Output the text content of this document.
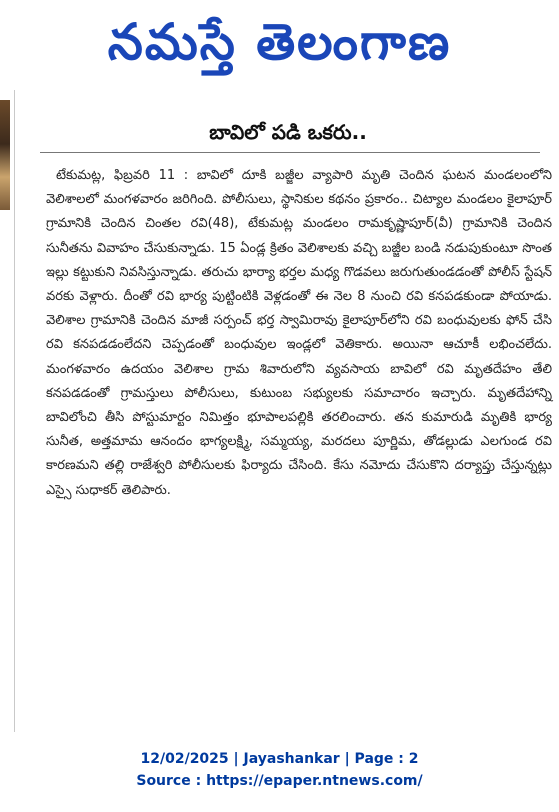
నమస్తే తెలంగాణ
బావిలో పడి ఒకరు..
టేకుమట్ల, ఫిబ్రవరి 11 : బావిలో దూకి బజ్జీల వ్యాపారి మృతి చెందిన ఘటన మండలంలోని వెలిశాలలో మంగళవారం జరిగింది. పోలీసులు, స్థానికుల కథనం ప్రకారం.. చిట్యాల మండలం కైలాపూర్ గ్రామానికి చెందిన చింతల రవి(48), టేకుమట్ల మండలం రామకృష్ణాపూర్(వీ) గ్రామానికి చెందిన సునీతను వివాహం చేసుకున్నాడు. 15 ఏండ్ల క్రితం వెలిశాలకు వచ్చి బజ్జీల బండి నడుపుకుంటూ సొంత ఇల్లు కట్టుకుని నివసిస్తున్నాడు. తరుచు భార్యా భర్తల మధ్య గొడవలు జరుగుతుండడంతో పోలీస్ స్టేషన్ వరకు వెళ్లారు. దీంతో రవి భార్య పుట్టింటికి వెళ్లడంతో ఈ నెల 8 నుంచి రవి కనపడకుండా పోయాడు. వెలిశాల గ్రామానికి చెందిన మాజీ సర్పంచ్ భర్త స్వామిరావు కైలాపూర్‌లోని రవి బంధువులకు ఫోన్ చేసి రవి కనపడడంలేదని చెప్పడంతో బంధువుల ఇండ్లలో వెతికారు. అయినా ఆచూకీ లభించలేదు. మంగళవారం ఉదయం వెలిశాల గ్రామ శివారులోని వ్యవసాయ బావిలో రవి మృతదేహం తేలి కనపడడంతో గ్రామస్తులు పోలీసులు, కుటుంబ సభ్యులకు సమాచారం ఇచ్చారు. మృతదేహాన్ని బావిలోంచి తీసి పోస్టుమార్టం నిమిత్తం భూపాలపల్లికి తరలించారు. తన కుమారుడి మృతికి భార్య సునీత, అత్తమామ ఆనందం భాగ్యలక్ష్మి, సమ్మయ్య, మరదలు పూర్ణిమ, తోడల్లుడు ఎలగుండ రవి కారణమని తల్లి రాజేశ్వరి పోలీసులకు ఫిర్యాదు చేసింది. కేసు నమోదు చేసుకొని దర్యాప్తు చేస్తున్నట్లు ఎస్సై సుధాకర్ తెలిపారు.
12/02/2025 | Jayashankar | Page : 2
Source : https://epaper.ntnews.com/
